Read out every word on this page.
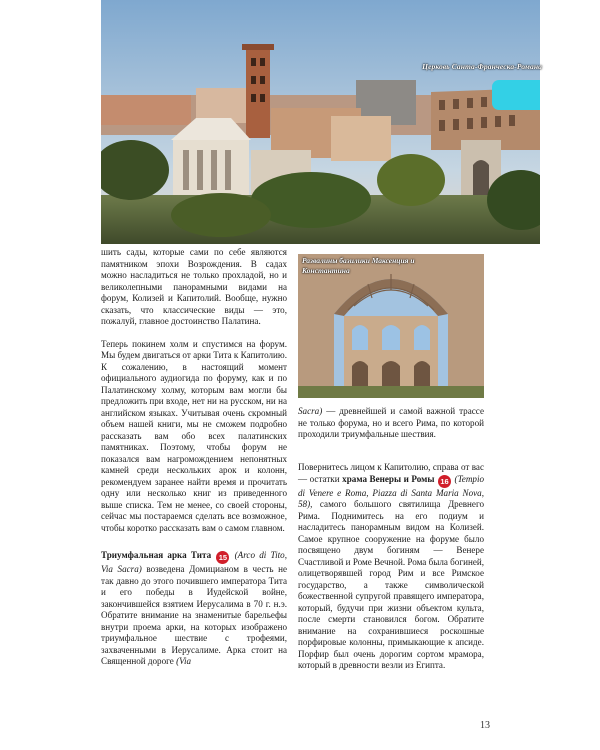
Церковь Санта-Франческа-Романа
Развалины базилики Максенция и Константина

шить сады, которые сами по себе являются памятником эпохи Возрождения. В садах можно насладиться не только прохладой, но и великолепными панорамными видами на форум, Колизей и Капитолий. Вообще, нужно сказать, что классические виды — это, пожалуй, главное достоинство Палатина.

Теперь покинем холм и спустимся на форум. Мы будем двигаться от арки Тита к Капитолию. К сожалению, в настоящий момент официального аудиогида по форуму, как и по Палатинскому холму, которым вам могли бы предложить при входе, нет ни на русском, ни на английском языках. Учитывая очень скромный объем нашей книги, мы не сможем подробно рассказать вам обо всех палатинских памятниках. Поэтому, чтобы форум не показался вам нагромождением непонятных камней среди нескольких арок и колонн, рекомендуем заранее найти время и прочитать одну или несколько книг из приведенного выше списка. Тем не менее, со своей стороны, сейчас мы постараемся сделать все возможное, чтобы коротко рассказать вам о самом главном.

Триумфальная арка Тита 15 (Arco di Tito, Via Sacra) возведена Домицианом в честь не так давно до этого почившего императора Тита и его победы в Иудейской войне, закончившейся взятием Иерусалима в 70 г. н.э. Обратите внимание на знаменитые барельефы внутри проема арки, на которых изображено триумфальное шествие с трофеями, захваченными в Иерусалиме. Арка стоит на Священной дороге (Via

Sacra) — древнейшей и самой важной трассе не только форума, но и всего Рима, по которой проходили триумфальные шествия.

Повернитесь лицом к Капитолию, справа от вас — остатки храма Венеры и Ромы 16 (Tempio di Venere e Roma, Piazza di Santa Maria Nova, 58), самого большого святилища Древнего Рима. Поднимитесь на его подиум и насладитесь панорамным видом на Колизей. Самое крупное сооружение на форуме было посвящено двум богиням — Венере Счастливой и Роме Вечной. Рома была богиней, олицетворявшей город Рим и все Римское государство, а также символической божественной супругой правящего императора, который, будучи при жизни объектом культа, после смерти становился богом. Обратите внимание на сохранившиеся роскошные порфировые колонны, примыкающие к апсиде. Порфир был очень дорогим сортом мрамора, который в древности везли из Египта.

13
